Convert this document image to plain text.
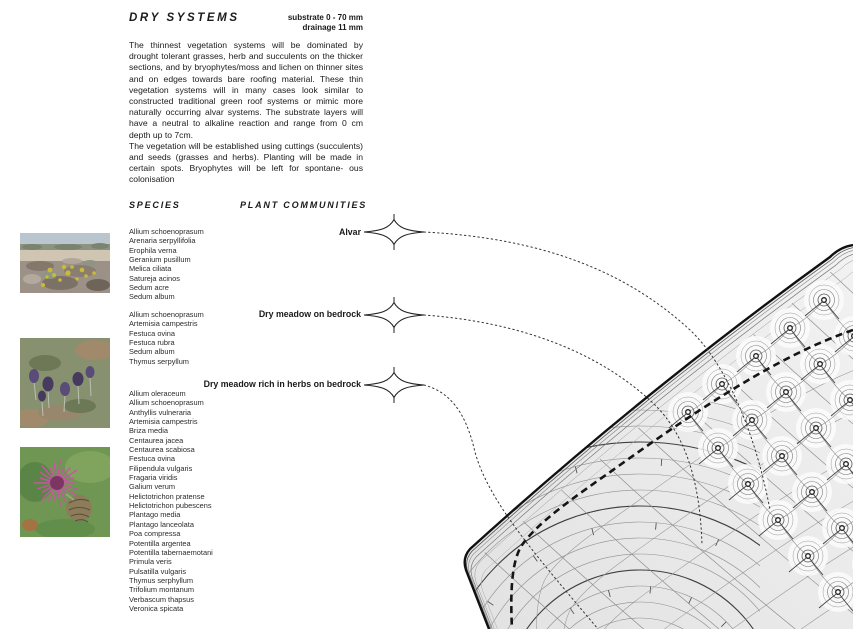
DRY SYSTEMS	substrate 0 - 70 mm
drainage 11 mm

The thinnest vegetation systems will be dominated by drought tolerant grasses, herb and succulents on the thicker sections, and by bryophytes/moss and lichen on thinner sites and on edges towards bare roofing material. These thin vegetation systems will in many cases look similar to constructed traditional green roof systems or mimic more naturally occurring alvar systems. The substrate layers will have a neutral to alkaline reaction and range from 0 cm depth up to 7cm.

The vegetation will be established using cuttings (succulents) and seeds (grasses and herbs). Planting will be made in certain spots. Bryophytes will be left for spontane- ous colonisation

SPECIES	PLANT COMMUNITIES
Allium schoenoprasum
Arenaria serpyllifolia
Erophila verna
Geranium pusillum
Melica ciliata
Satureja acinos
Sedum acre
Sedum album
Allium schoenoprasum
Artemisia campestris
Festuca ovina
Festuca rubra
Sedum album
Thymus serpyllum
Allium oleraceum
Allium schoenoprasum
Anthyllis vulneraria
Artemisia campestris
Briza media
Centaurea jacea
Centaurea scabiosa
Festuca ovina
Filipendula vulgaris
Fragaria viridis
Galium verum
Helictotrichon pratense
Helictotrichon pubescens
Plantago media
Plantago lanceolata
Poa compressa
Potentilla argentea
Potentilla tabernaemotani
Primula veris
Pulsatilla vulgaris
Thymus serphyllum
Trifolium montanum
Verbascum thapsus
Veronica spicata
Alvar
Dry meadow on bedrock
Dry meadow rich in herbs on bedrock
